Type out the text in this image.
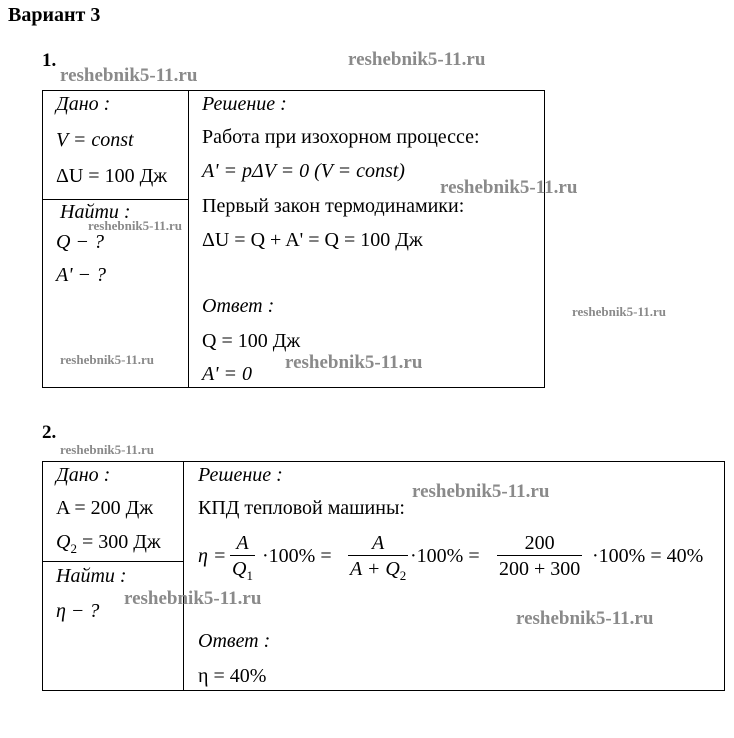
Вариант 3
1.
Дано :
V = const
ΔU = 100 Дж
Найти :
Q − ?
A' − ?
Решение :
Работа при изохорном процессе:
A' = pΔV = 0 (V = const)
Первый закон термодинамики:
ΔU = Q + A' = Q = 100 Дж
Ответ :
Q = 100 Дж
A' = 0
2.
Дано :
A = 200 Дж
$Q_2 = 300$ Дж
Найти :
η − ?
Решение :
КПД тепловой машины:
η =
A
$Q_1$
·100% =
A
$A + Q_2$
·100% =
200
200 + 300
·100% = 40%
Ответ :
η = 40%
reshebnik5-11.ru
reshebnik5-11.ru
reshebnik5-11.ru
reshebnik5-11.ru
reshebnik5-11.ru
reshebnik5-11.ru	reshebnik5-11.ru
reshebnik5-11.ru
reshebnik5-11.ru
reshebnik5-11.ru
reshebnik5-11.ru
